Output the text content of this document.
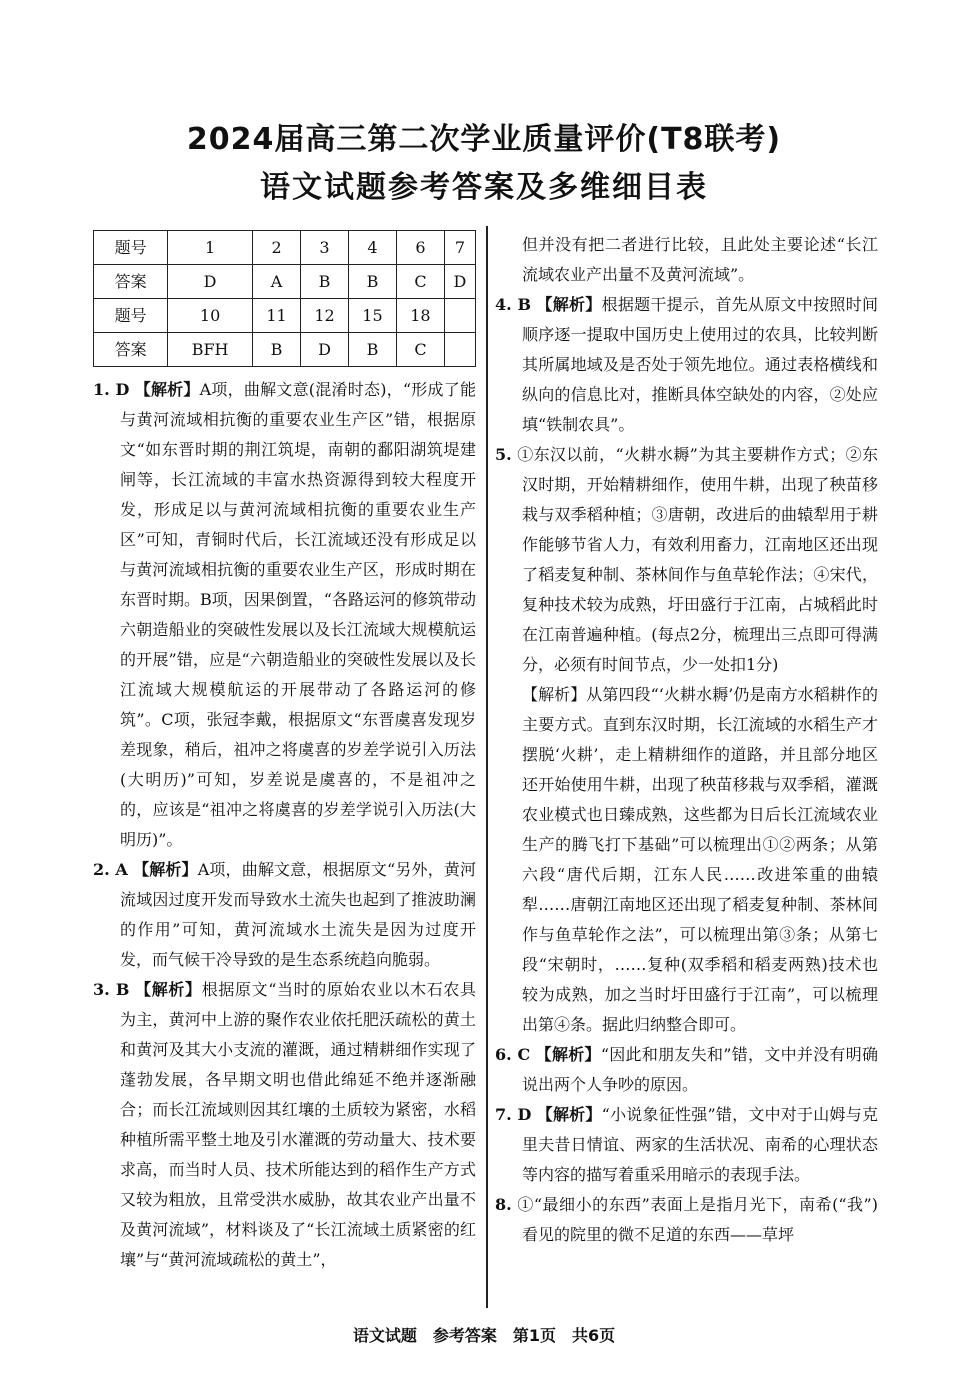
2024届高三第二次学业质量评价(T8联考)
语文试题参考答案及多维细目表
题号	1	2	3	4	6	7
答案	D	A	B	B	C	D
题号	10	11	12	15	18	
答案	BFH	B	D	B	C	

1. D 【解析】A项，曲解文意(混淆时态)，“形成了能与黄河流域相抗衡的重要农业生产区”错，根据原文“如东晋时期的荆江筑堤，南朝的鄱阳湖筑堤建闸等，长江流域的丰富水热资源得到较大程度开发，形成足以与黄河流域相抗衡的重要农业生产区”可知，青铜时代后，长江流域还没有形成足以与黄河流域相抗衡的重要农业生产区，形成时期在东晋时期。B项，因果倒置，“各路运河的修筑带动六朝造船业的突破性发展以及长江流域大规模航运的开展”错，应是“六朝造船业的突破性发展以及长江流域大规模航运的开展带动了各路运河的修筑”。C项，张冠李戴，根据原文“东晋虞喜发现岁差现象，稍后，祖冲之将虞喜的岁差学说引入历法(大明历)”可知，岁差说是虞喜的，不是祖冲之的，应该是“祖冲之将虞喜的岁差学说引入历法(大明历)”。

2. A 【解析】A项，曲解文意，根据原文“另外，黄河流域因过度开发而导致水土流失也起到了推波助澜的作用”可知，黄河流域水土流失是因为过度开发，而气候干冷导致的是生态系统趋向脆弱。

3. B 【解析】根据原文“当时的原始农业以木石农具为主，黄河中上游的聚作农业依托肥沃疏松的黄土和黄河及其大小支流的灌溉，通过精耕细作实现了蓬勃发展，各早期文明也借此绵延不绝并逐渐融合；而长江流域则因其红壤的土质较为紧密，水稻种植所需平整土地及引水灌溉的劳动量大、技术要求高，而当时人员、技术所能达到的稻作生产方式又较为粗放，且常受洪水威胁，故其农业产出量不及黄河流域”，材料谈及了“长江流域土质紧密的红壤”与“黄河流域疏松的黄土”，

但并没有把二者进行比较，且此处主要论述“长江流域农业产出量不及黄河流域”。

4. B 【解析】根据题干提示，首先从原文中按照时间顺序逐一提取中国历史上使用过的农具，比较判断其所属地域及是否处于领先地位。通过表格横线和纵向的信息比对，推断具体空缺处的内容，②处应填“铁制农具”。

5. ①东汉以前，“火耕水耨”为其主要耕作方式；②东汉时期，开始精耕细作，使用牛耕，出现了秧苗移栽与双季稻种植；③唐朝，改进后的曲辕犁用于耕作能够节省人力，有效利用畜力，江南地区还出现了稻麦复种制、茶林间作与鱼草轮作法；④宋代，复种技术较为成熟，圩田盛行于江南，占城稻此时在江南普遍种植。(每点2分，梳理出三点即可得满分，必须有时间节点，少一处扣1分)

【解析】从第四段“‘火耕水耨’仍是南方水稻耕作的主要方式。直到东汉时期，长江流域的水稻生产才摆脱‘火耕’，走上精耕细作的道路，并且部分地区还开始使用牛耕，出现了秧苗移栽与双季稻，灌溉农业模式也日臻成熟，这些都为日后长江流域农业生产的腾飞打下基础”可以梳理出①②两条；从第六段“唐代后期，江东人民……改进笨重的曲辕犁……唐朝江南地区还出现了稻麦复种制、茶林间作与鱼草轮作之法”，可以梳理出第③条；从第七段“宋朝时，……复种(双季稻和稻麦两熟)技术也较为成熟，加之当时圩田盛行于江南”，可以梳理出第④条。据此归纳整合即可。

6. C 【解析】“因此和朋友失和”错，文中并没有明确说出两个人争吵的原因。

7. D 【解析】“小说象征性强”错，文中对于山姆与克里夫昔日情谊、两家的生活状况、南希的心理状态等内容的描写着重采用暗示的表现手法。

8. ①“最细小的东西”表面上是指月光下，南希(“我”)看见的院里的微不足道的东西——草坪

语文试题　参考答案　第1页　共6页
